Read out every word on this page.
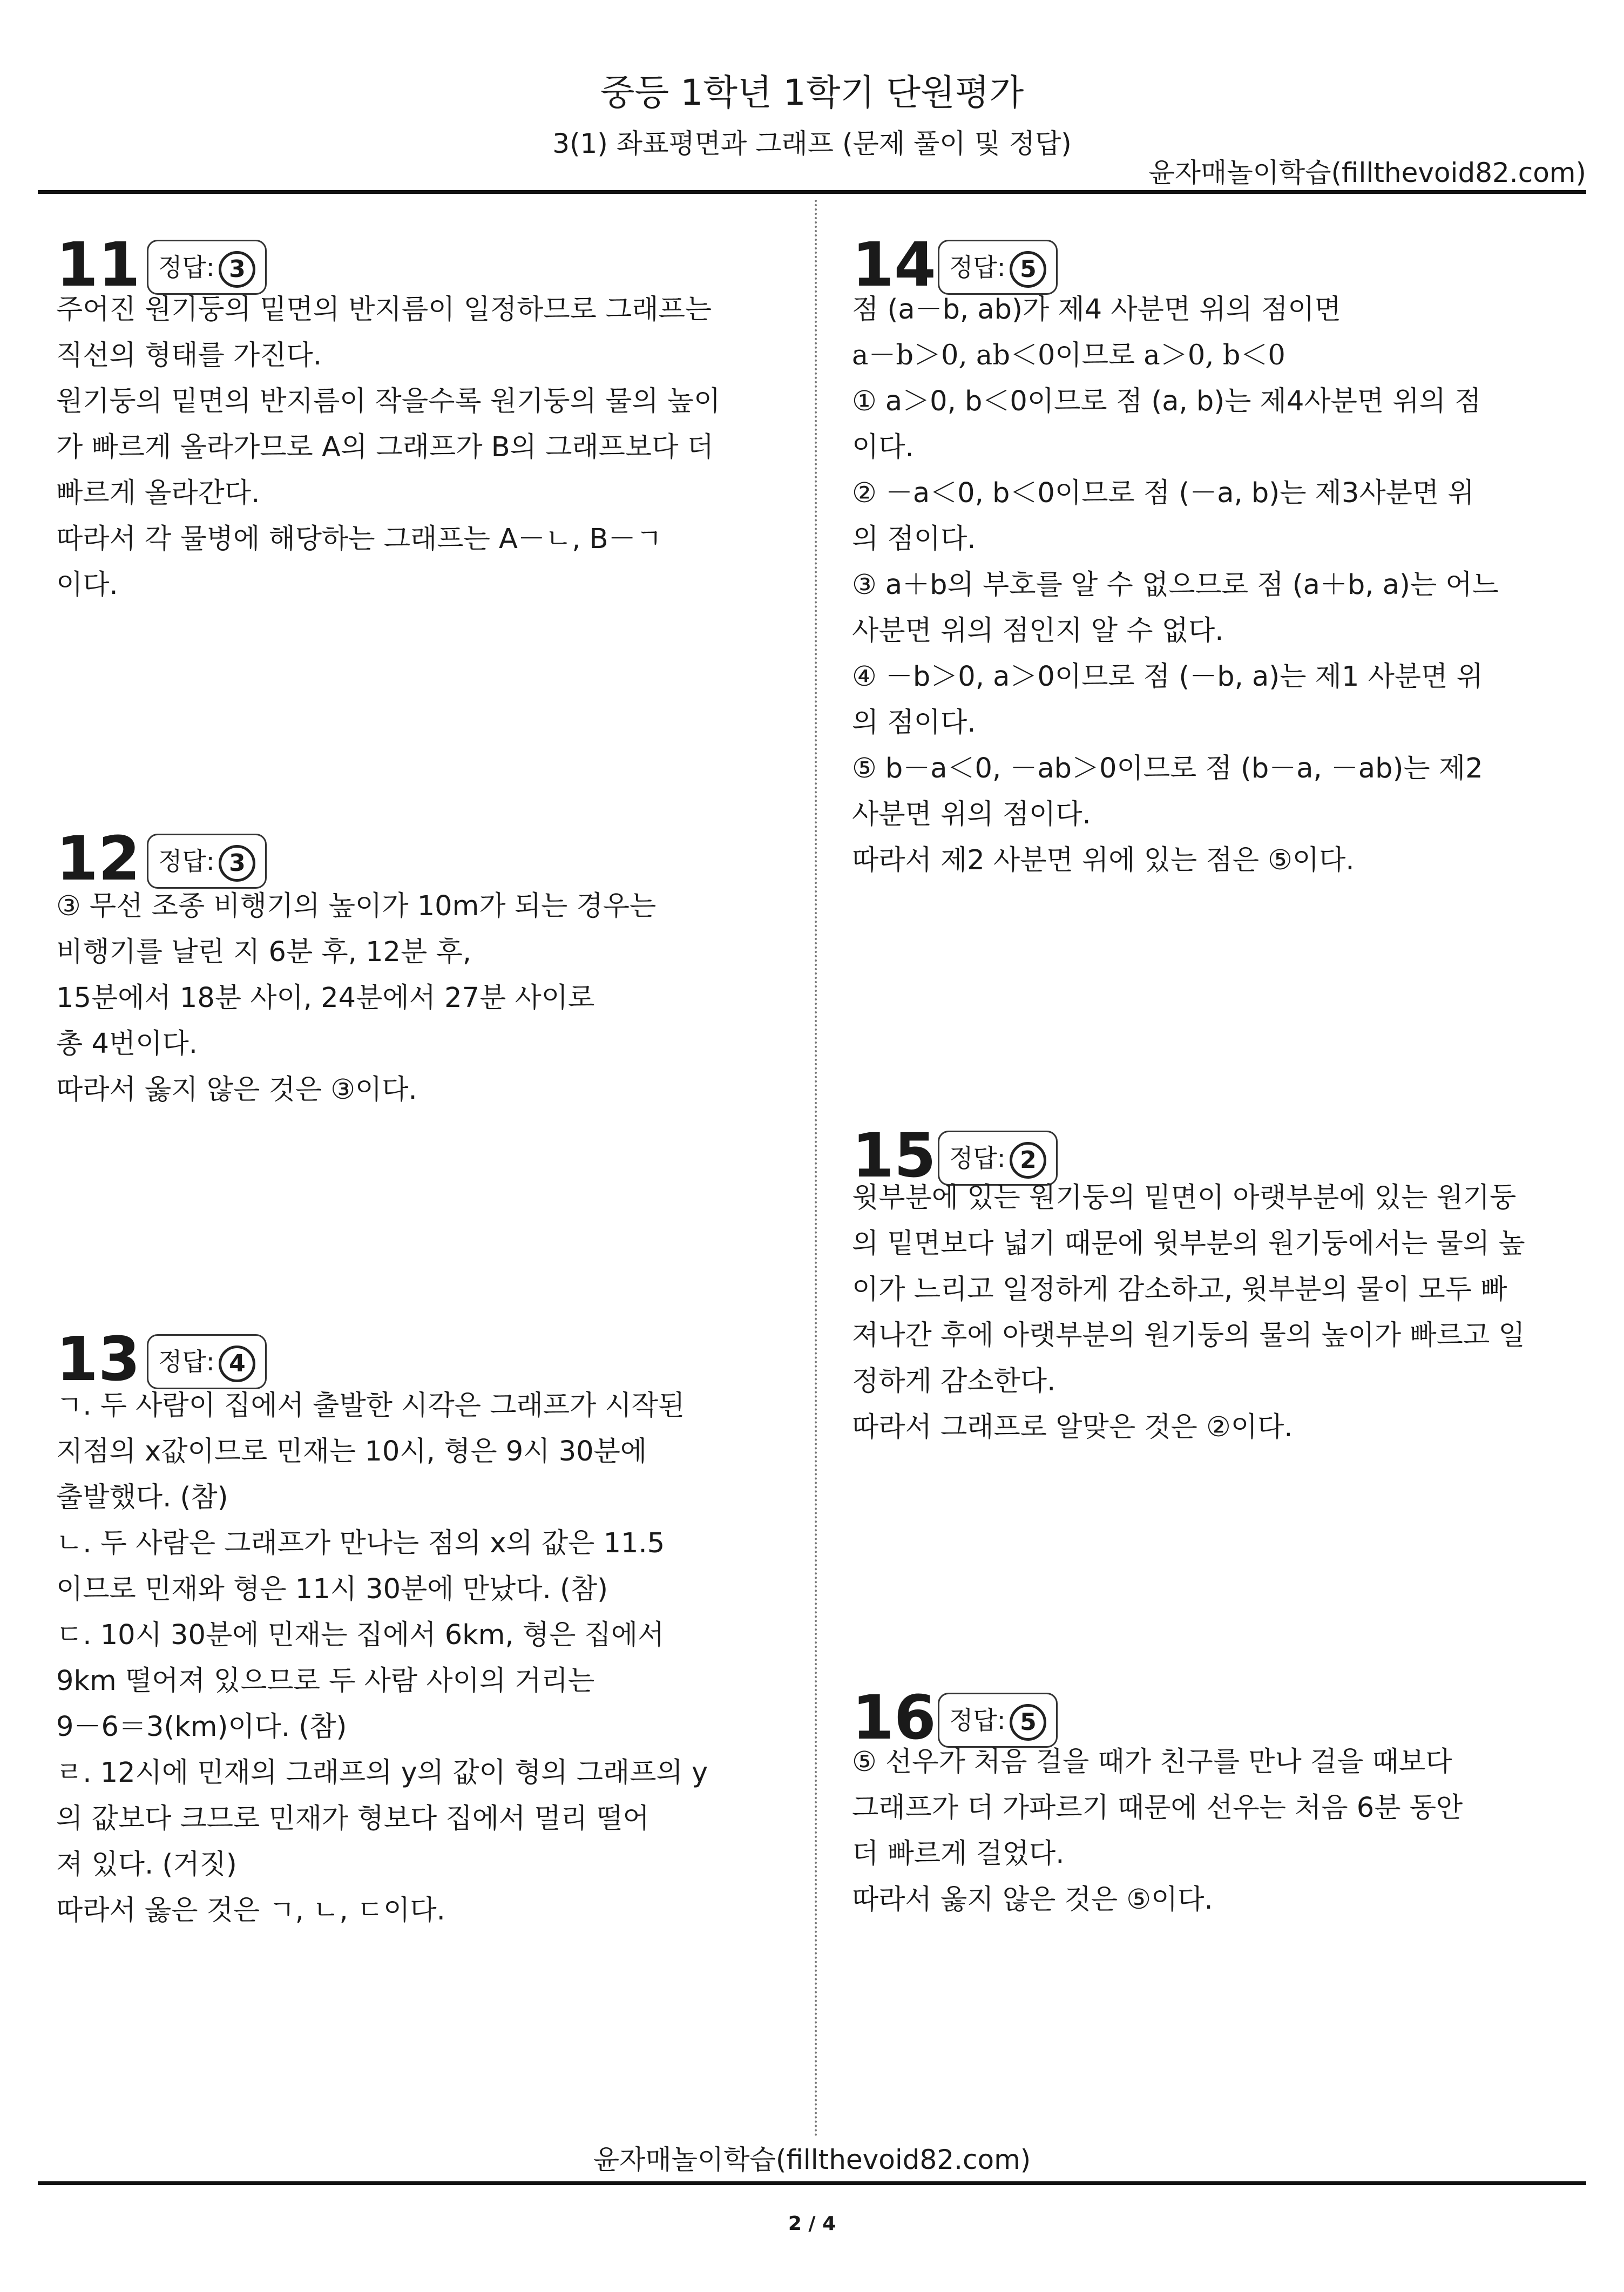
중등 1학년 1학기 단원평가
3(1) 좌표평면과 그래프 (문제 풀이 및 정답)
윤자매놀이학습(fillthevoid82.com)
11 정답: 3
주어진 원기둥의 밑면의 반지름이 일정하므로 그래프는
직선의 형태를 가진다.
원기둥의 밑면의 반지름이 작을수록 원기둥의 물의 높이
가 빠르게 올라가므로 A의 그래프가 B의 그래프보다 더
빠르게 올라간다.
따라서 각 물병에 해당하는 그래프는 A－ㄴ, B－ㄱ
이다.
12 정답: 3
③ 무선 조종 비행기의 높이가 10m가 되는 경우는
비행기를 날린 지 6분 후, 12분 후,
15분에서 18분 사이, 24분에서 27분 사이로
총 4번이다.
따라서 옳지 않은 것은 ③이다.
13 정답: 4
ㄱ. 두 사람이 집에서 출발한 시각은 그래프가 시작된
지점의 x값이므로 민재는 10시, 형은 9시 30분에
출발했다. (참)
ㄴ. 두 사람은 그래프가 만나는 점의 x의 값은 11.5
이므로 민재와 형은 11시 30분에 만났다. (참)
ㄷ. 10시 30분에 민재는 집에서 6km, 형은 집에서
9km 떨어져 있으므로 두 사람 사이의 거리는
9－6＝3(km)이다. (참)
ㄹ. 12시에 민재의 그래프의 y의 값이 형의 그래프의 y
의 값보다 크므로 민재가 형보다 집에서 멀리 떨어
져 있다. (거짓)
따라서 옳은 것은 ㄱ, ㄴ, ㄷ이다.
14 정답: 5
점 (a－b, ab)가 제4 사분면 위의 점이면
a－b＞0, ab＜0이므로 a＞0, b＜0
① a＞0, b＜0이므로 점 (a, b)는 제4사분면 위의 점
이다.
② －a＜0, b＜0이므로 점 (－a, b)는 제3사분면 위
의 점이다.
③ a＋b의 부호를 알 수 없으므로 점 (a＋b, a)는 어느
사분면 위의 점인지 알 수 없다.
④ －b＞0, a＞0이므로 점 (－b, a)는 제1 사분면 위
의 점이다.
⑤ b－a＜0, －ab＞0이므로 점 (b－a, －ab)는 제2
사분면 위의 점이다.
따라서 제2 사분면 위에 있는 점은 ⑤이다.
15 정답: 2
윗부분에 있는 원기둥의 밑면이 아랫부분에 있는 원기둥
의 밑면보다 넓기 때문에 윗부분의 원기둥에서는 물의 높
이가 느리고 일정하게 감소하고, 윗부분의 물이 모두 빠
져나간 후에 아랫부분의 원기둥의 물의 높이가 빠르고 일
정하게 감소한다.
따라서 그래프로 알맞은 것은 ②이다.
16 정답: 5
⑤ 선우가 처음 걸을 때가 친구를 만나 걸을 때보다
그래프가 더 가파르기 때문에 선우는 처음 6분 동안
더 빠르게 걸었다.
따라서 옳지 않은 것은 ⑤이다.
윤자매놀이학습(fillthevoid82.com)
2 / 4
